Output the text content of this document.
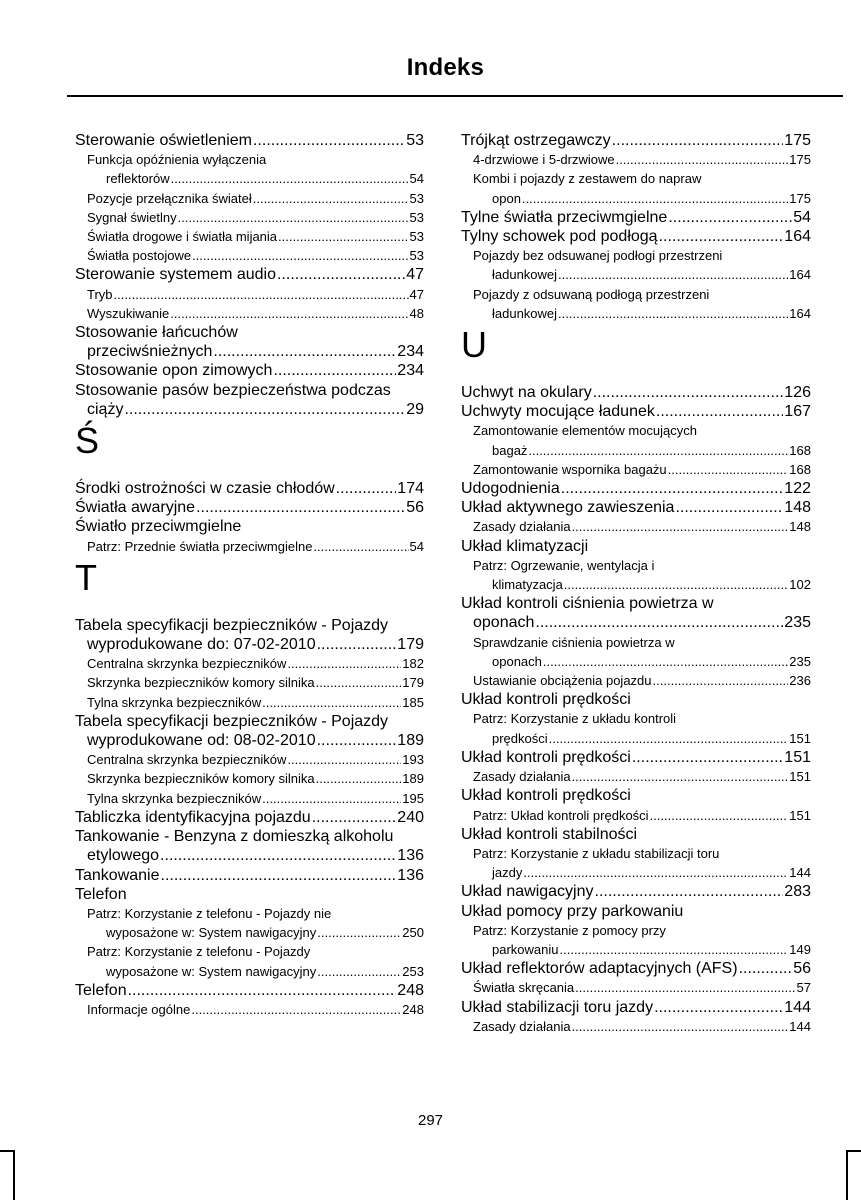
Indeks
Sterowanie oświetleniem .....	53
Funkcja opóźnienia wyłączenia
reflektorów .....	54
Pozycje przełącznika świateł .....	53
Sygnał świetlny .....	53
Światła drogowe i światła mijania .....	53
Światła postojowe .....	53
Sterowanie systemem audio .....	47
Tryb .....	47
Wyszukiwanie .....	48
Stosowanie łańcuchów
przeciwśnieżnych .....	234
Stosowanie opon zimowych .....	234
Stosowanie pasów bezpieczeństwa podczas
ciąży .....	29
Ś
Środki ostrożności w czasie chłodów .....	174
Światła awaryjne .....	56
Światło przeciwmgielne
Patrz: Przednie światła przeciwmgielne .....	54
T
Tabela specyfikacji bezpieczników - Pojazdy
wyprodukowane do: 07-02-2010 .....	179
Centralna skrzynka bezpieczników .....	182
Skrzynka bezpieczników komory silnika .....	179
Tylna skrzynka bezpieczników .....	185
Tabela specyfikacji bezpieczników - Pojazdy
wyprodukowane od: 08-02-2010 .....	189
Centralna skrzynka bezpieczników .....	193
Skrzynka bezpieczników komory silnika .....	189
Tylna skrzynka bezpieczników .....	195
Tabliczka identyfikacyjna pojazdu .....	240
Tankowanie - Benzyna z domieszką alkoholu
etylowego .....	136
Tankowanie .....	136
Telefon
Patrz: Korzystanie z telefonu - Pojazdy nie
wyposażone w: System nawigacyjny .....	250
Patrz: Korzystanie z telefonu - Pojazdy
wyposażone w: System nawigacyjny .....	253
Telefon .....	248
Informacje ogólne .....	248
Trójkąt ostrzegawczy .....	175
4-drzwiowe i 5-drzwiowe .....	175
Kombi i pojazdy z zestawem do napraw
opon .....	175
Tylne światła przeciwmgielne .....	54
Tylny schowek pod podłogą .....	164
Pojazdy bez odsuwanej podłogi przestrzeni
ładunkowej .....	164
Pojazdy z odsuwaną podłogą przestrzeni
ładunkowej .....	164
U
Uchwyt na okulary .....	126
Uchwyty mocujące ładunek .....	167
Zamontowanie elementów mocujących
bagaż .....	168
Zamontowanie wspornika bagażu .....	168
Udogodnienia .....	122
Układ aktywnego zawieszenia .....	148
Zasady działania .....	148
Układ klimatyzacji
Patrz: Ogrzewanie, wentylacja i
klimatyzacja .....	102
Układ kontroli ciśnienia powietrza w
oponach .....	235
Sprawdzanie ciśnienia powietrza w
oponach .....	235
Ustawianie obciążenia pojazdu .....	236
Układ kontroli prędkości
Patrz: Korzystanie z układu kontroli
prędkości .....	151
Układ kontroli prędkości .....	151
Zasady działania .....	151
Układ kontroli prędkości
Patrz: Układ kontroli prędkości .....	151
Układ kontroli stabilności
Patrz: Korzystanie z układu stabilizacji toru
jazdy .....	144
Układ nawigacyjny .....	283
Układ pomocy przy parkowaniu
Patrz: Korzystanie z pomocy przy
parkowaniu .....	149
Układ reflektorów adaptacyjnych (AFS) .....	56
Światła skręcania .....	57
Układ stabilizacji toru jazdy .....	144
Zasady działania .....	144
297
